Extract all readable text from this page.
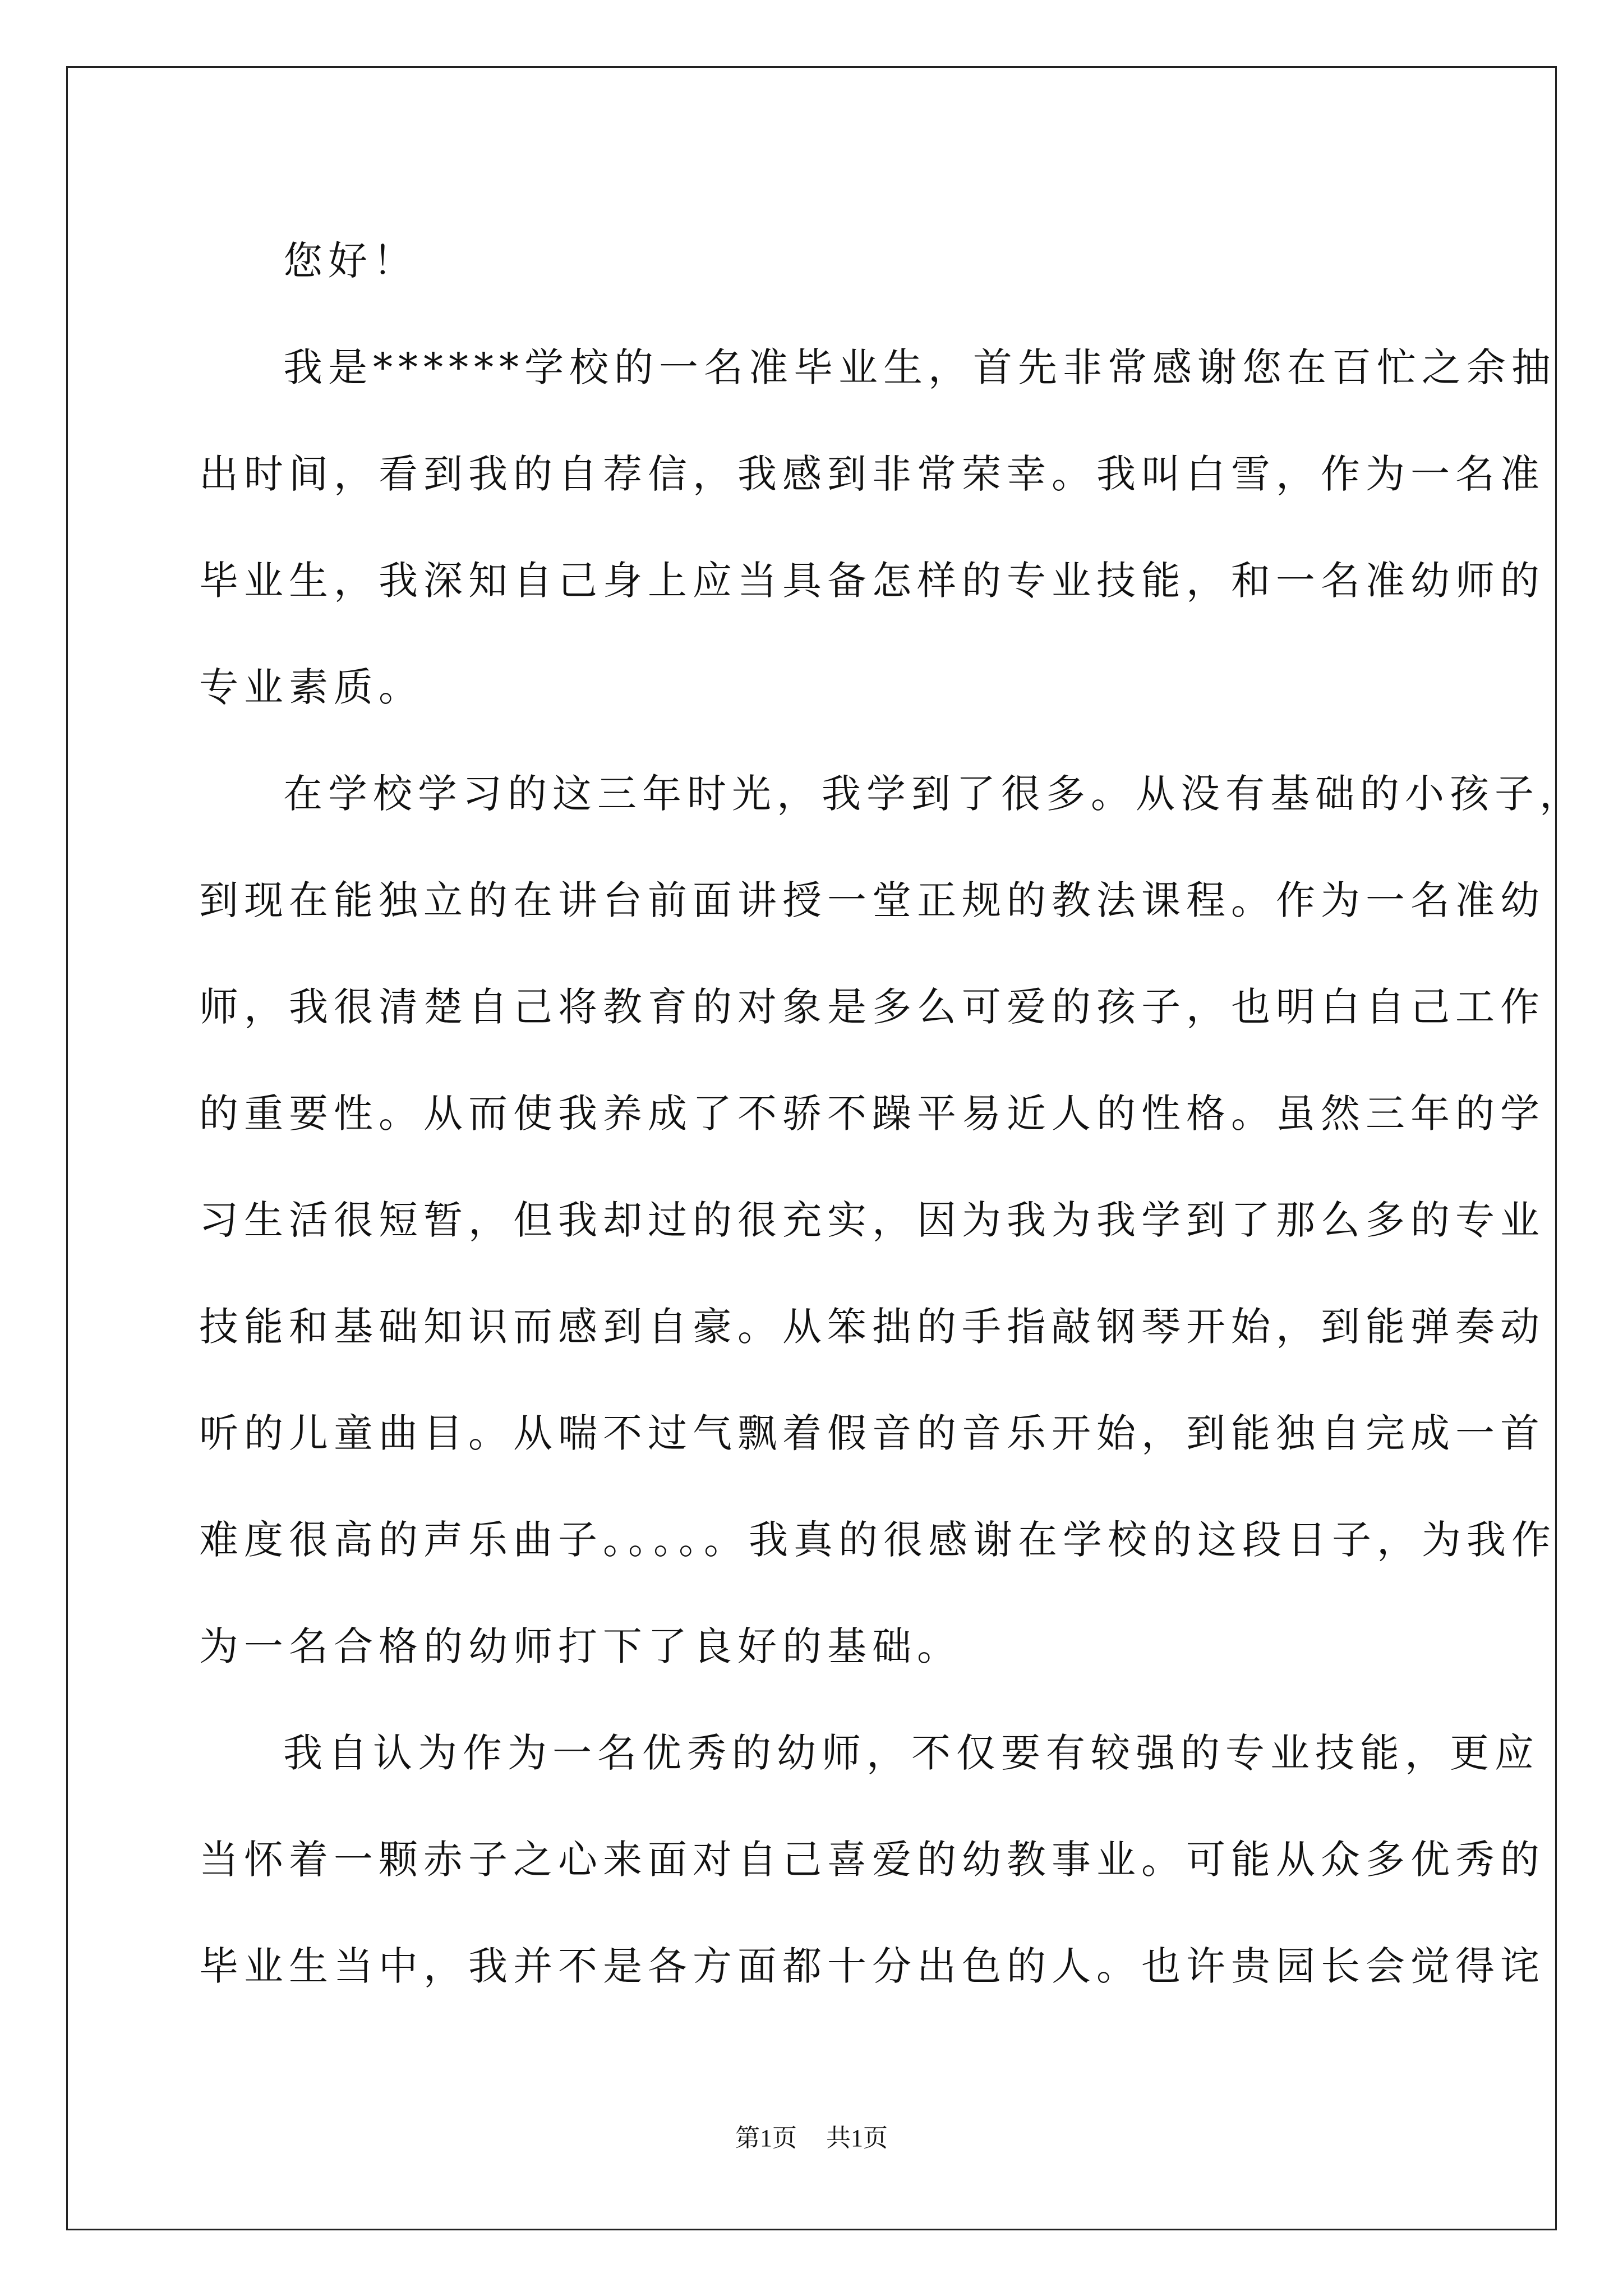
您好！
我是******学校的一名准毕业生，首先非常感谢您在百忙之余抽
出时间，看到我的自荐信，我感到非常荣幸。我叫白雪，作为一名准
毕业生，我深知自己身上应当具备怎样的专业技能，和一名准幼师的
专业素质。
在学校学习的这三年时光，我学到了很多。从没有基础的小孩子，
到现在能独立的在讲台前面讲授一堂正规的教法课程。作为一名准幼
师，我很清楚自己将教育的对象是多么可爱的孩子，也明白自己工作
的重要性。从而使我养成了不骄不躁平易近人的性格。虽然三年的学
习生活很短暂，但我却过的很充实，因为我为我学到了那么多的专业
技能和基础知识而感到自豪。从笨拙的手指敲钢琴开始，到能弹奏动
听的儿童曲目。从喘不过气飘着假音的音乐开始，到能独自完成一首
难度很高的声乐曲子。。。。。我真的很感谢在学校的这段日子，为我作
为一名合格的幼师打下了良好的基础。
我自认为作为一名优秀的幼师，不仅要有较强的专业技能，更应
当怀着一颗赤子之心来面对自己喜爱的幼教事业。可能从众多优秀的
毕业生当中，我并不是各方面都十分出色的人。也许贵园长会觉得诧
第1页 共1页
